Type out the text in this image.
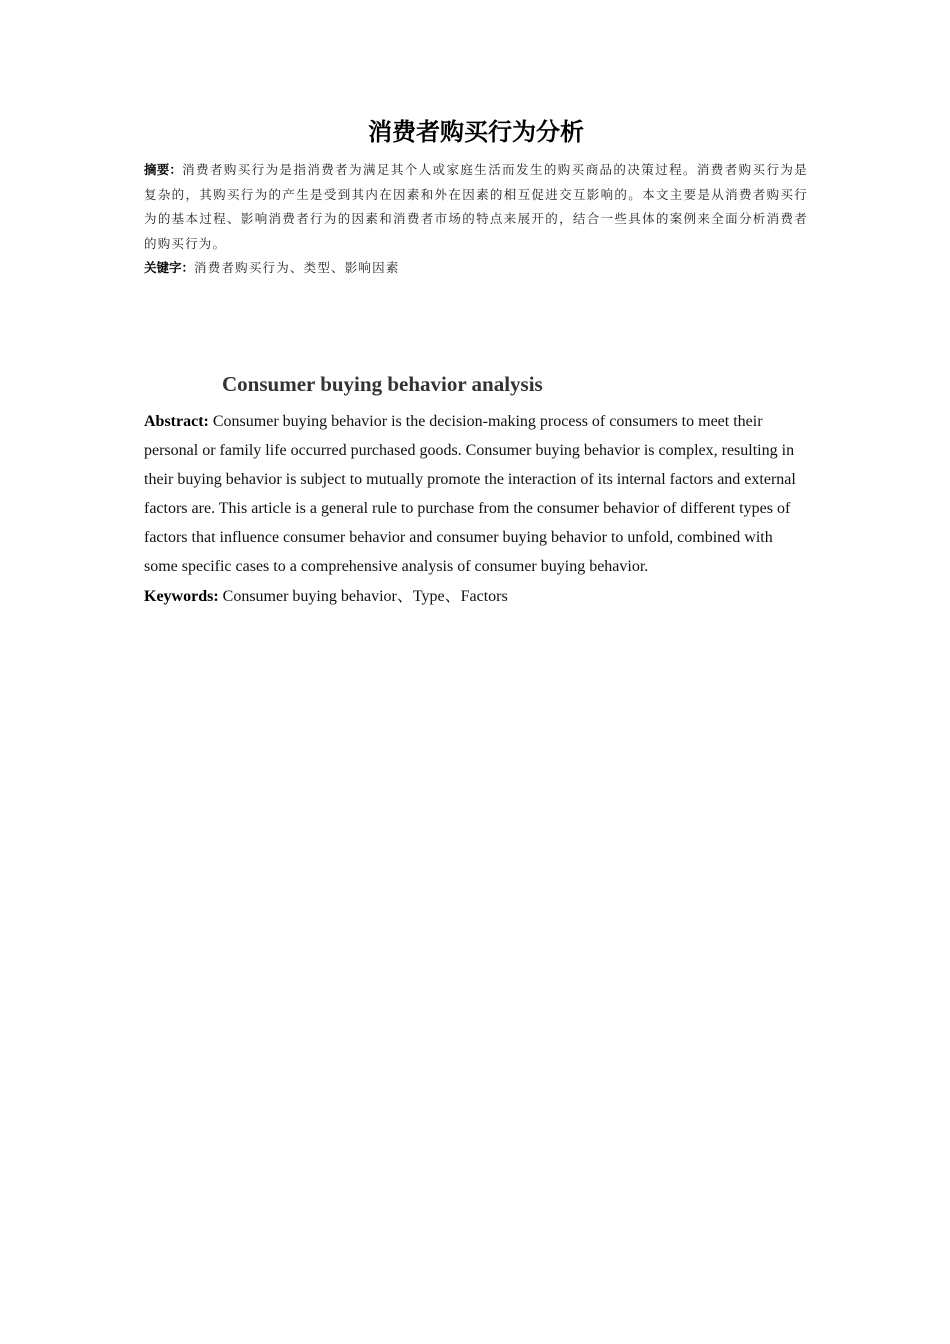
消费者购买行为分析

摘要：消费者购买行为是指消费者为满足其个人或家庭生活而发生的购买商品的决策过程。消费者购买行为是复杂的，其购买行为的产生是受到其内在因素和外在因素的相互促进交互影响的。本文主要是从消费者购买行为的基本过程、影响消费者行为的因素和消费者市场的特点来展开的，结合一些具体的案例来全面分析消费者的购买行为。

关键字：消费者购买行为、类型、影响因素

Consumer buying behavior analysis

Abstract: Consumer buying behavior is the decision-making process of consumers to meet their personal or family life occurred purchased goods. Consumer buying behavior is complex, resulting in their buying behavior is subject to mutually promote the interaction of its internal factors and external factors are. This article is a general rule to purchase from the consumer behavior of different types of factors that influence consumer behavior and consumer buying behavior to unfold, combined with some specific cases to a comprehensive analysis of consumer buying behavior.

Keywords: Consumer buying behavior、Type、Factors
